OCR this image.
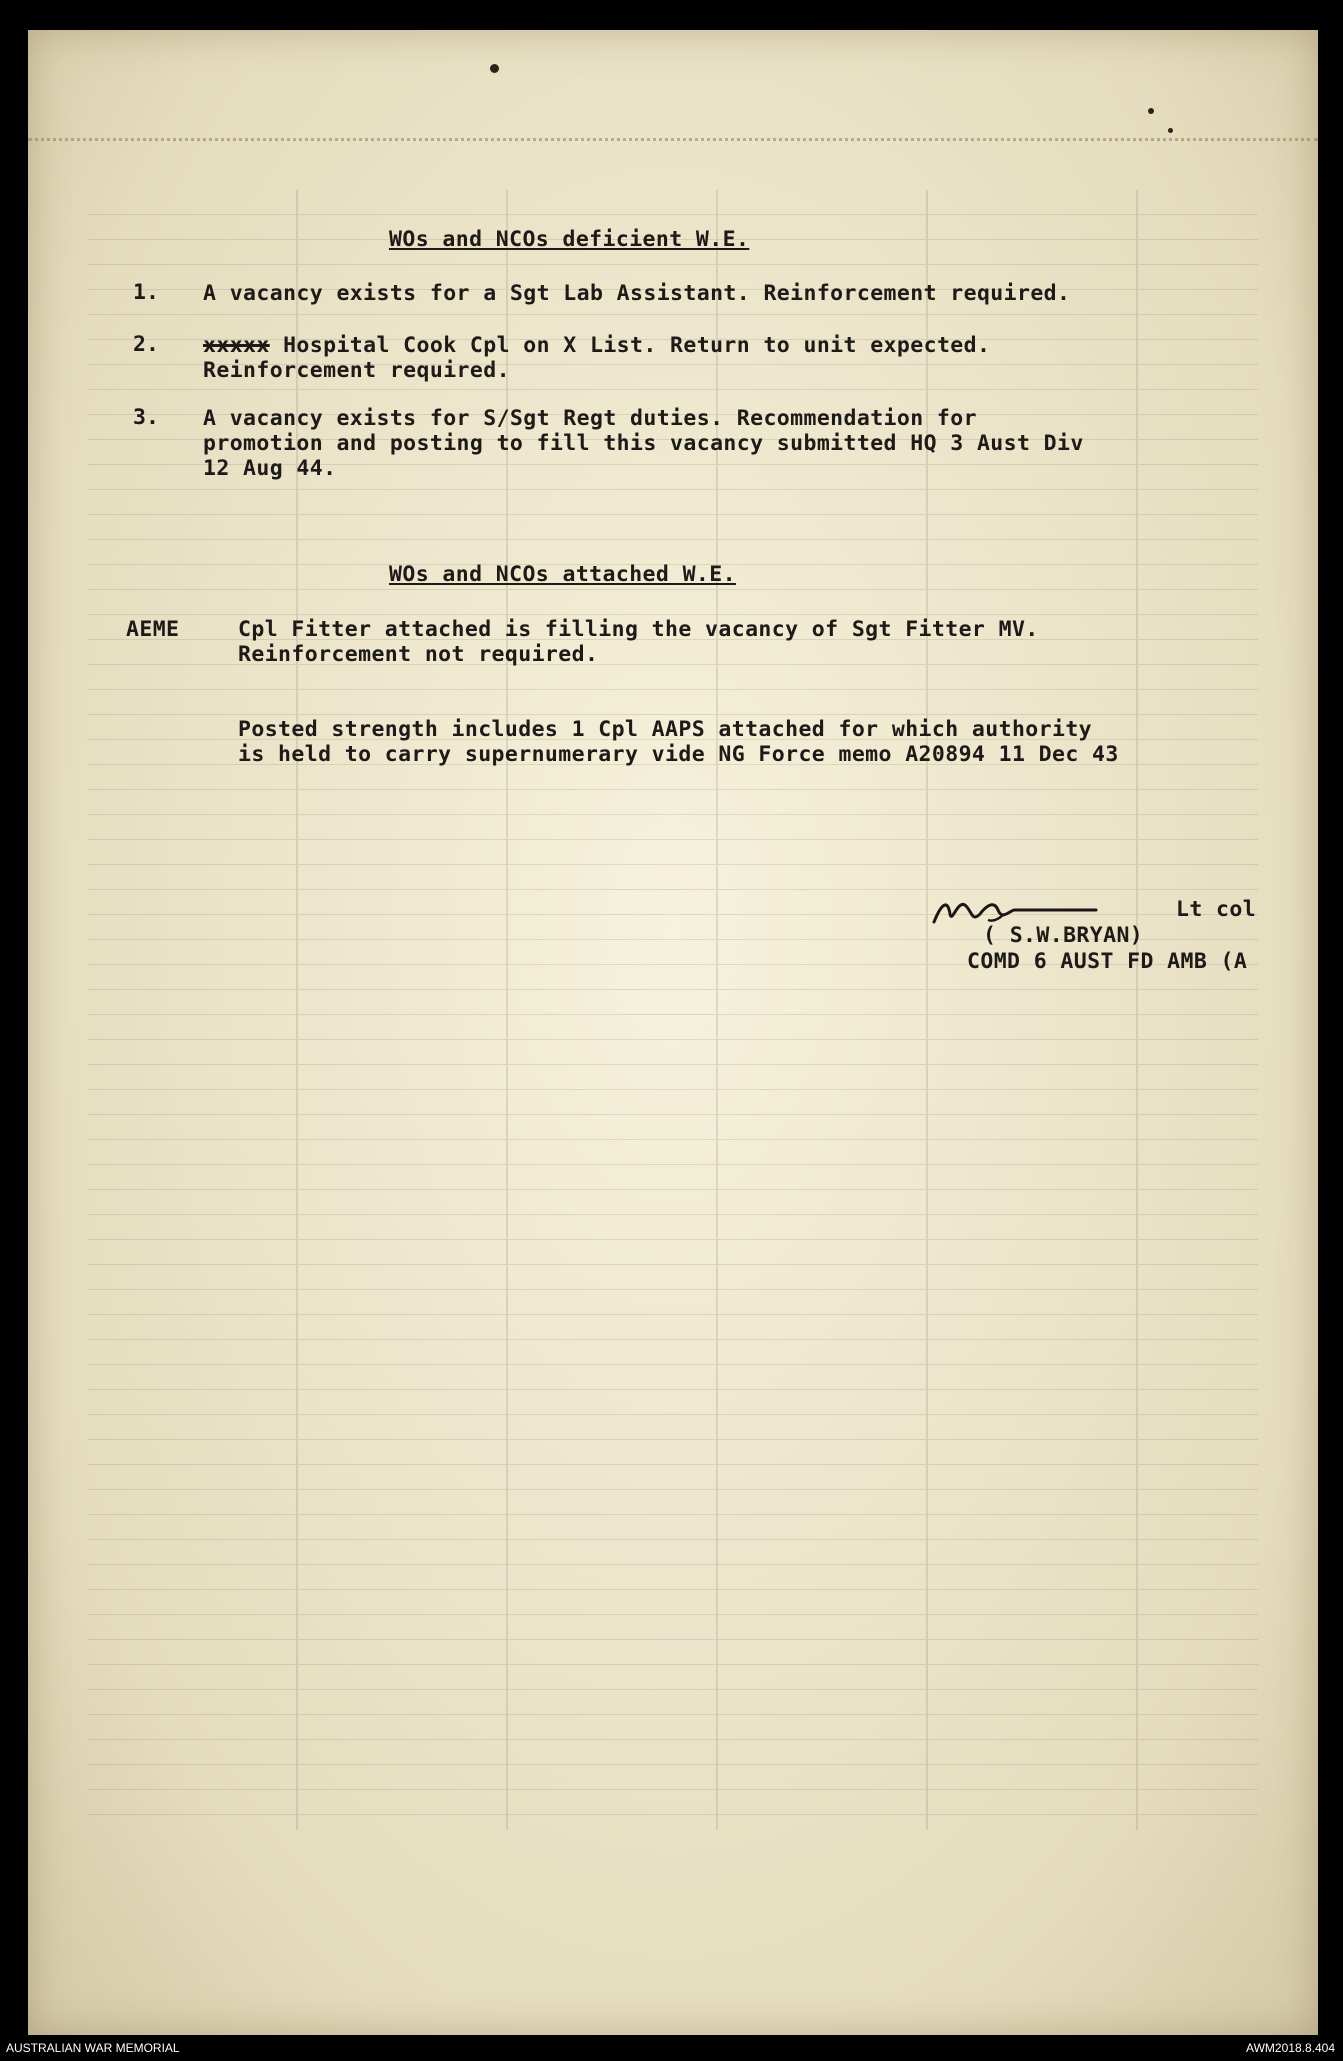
WOs and NCOs deficient W.E.

1. A vacancy exists for a Sgt Lab Assistant. Reinforcement required.

2. xxxxx Hospital Cook Cpl on X List. Return to unit expected.

Reinforcement required.

3. A vacancy exists for S/Sgt Regt duties. Recommendation for

promotion and posting to fill this vacancy submitted HQ 3 Aust Div

12 Aug 44.

WOs and NCOs attached W.E.

AEME	Cpl Fitter attached is filling the vacancy of Sgt Fitter MV.

Reinforcement not required.

Posted strength includes 1 Cpl AAPS attached for which authority

is held to carry supernumerary vide NG Force memo A20894 11 Dec 43

Lt col

( S.W.BRYAN)

COMD 6 AUST FD AMB (A

AUSTRALIAN WAR MEMORIAL	AWM2018.8.404
